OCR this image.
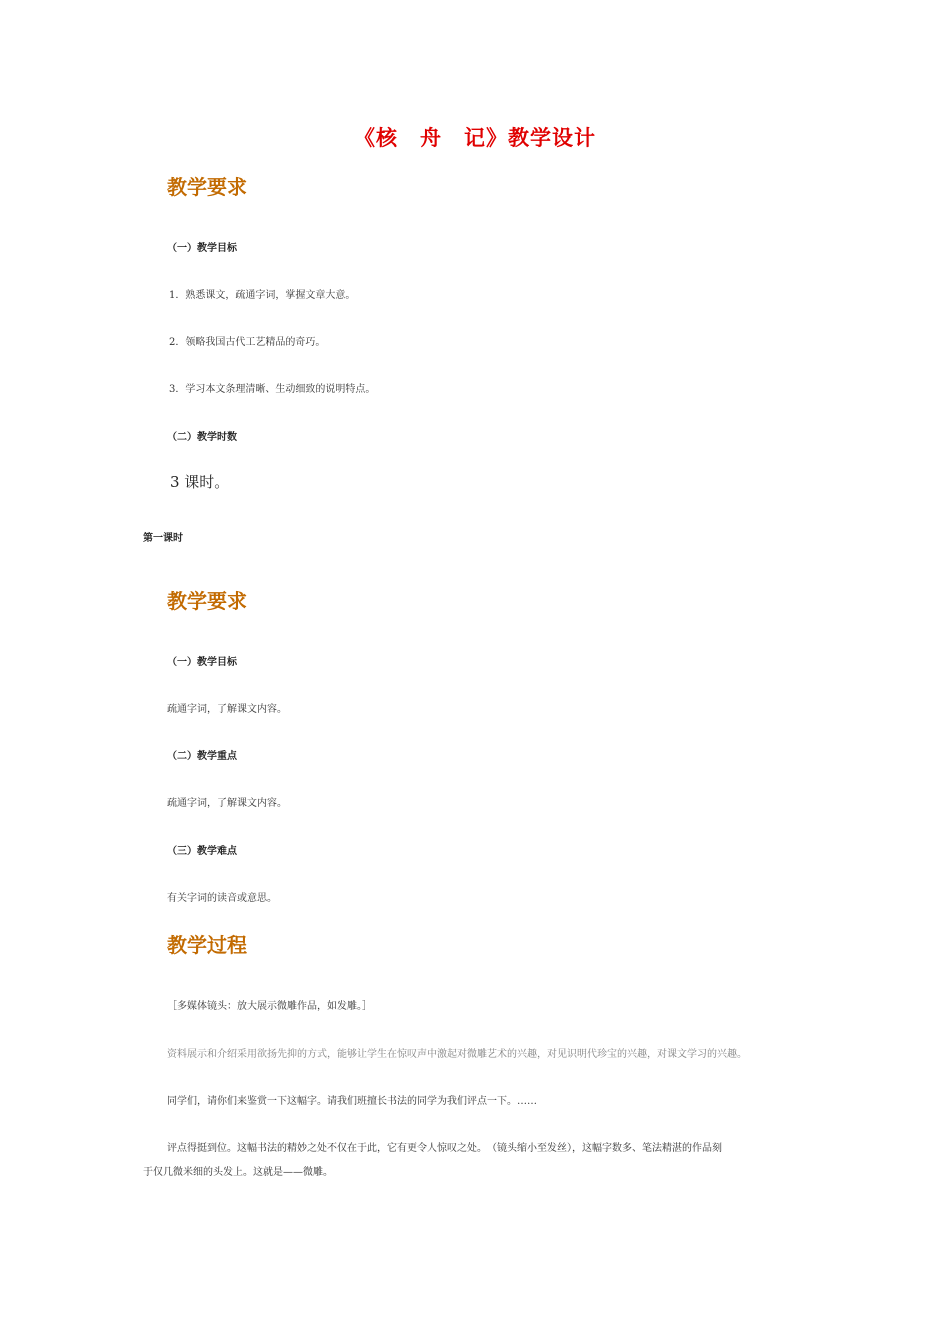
《核　舟　记》教学设计
教学要求
（一）教学目标
1．熟悉课文，疏通字词，掌握文章大意。
2．领略我国古代工艺精品的奇巧。
3．学习本文条理清晰、生动细致的说明特点。
（二）教学时数
3 课时。
第一课时
教学要求
（一）教学目标
疏通字词，了解课文内容。
（二）教学重点
疏通字词，了解课文内容。
（三）教学难点
有关字词的读音或意思。
教学过程
［多媒体镜头：放大展示微雕作品，如发雕。］
资料展示和介绍采用欲扬先抑的方式，能够让学生在惊叹声中激起对微雕艺术的兴趣，对见识明代珍宝的兴趣，对课文学习的兴趣。
同学们，请你们来鉴赏一下这幅字。请我们班擅长书法的同学为我们评点一下。……
评点得挺到位。这幅书法的精妙之处不仅在于此，它有更令人惊叹之处。　（镜头缩小至发丝），这幅字数多、笔法精湛的作品刻
于仅几微米细的头发上。这就是——微雕。
